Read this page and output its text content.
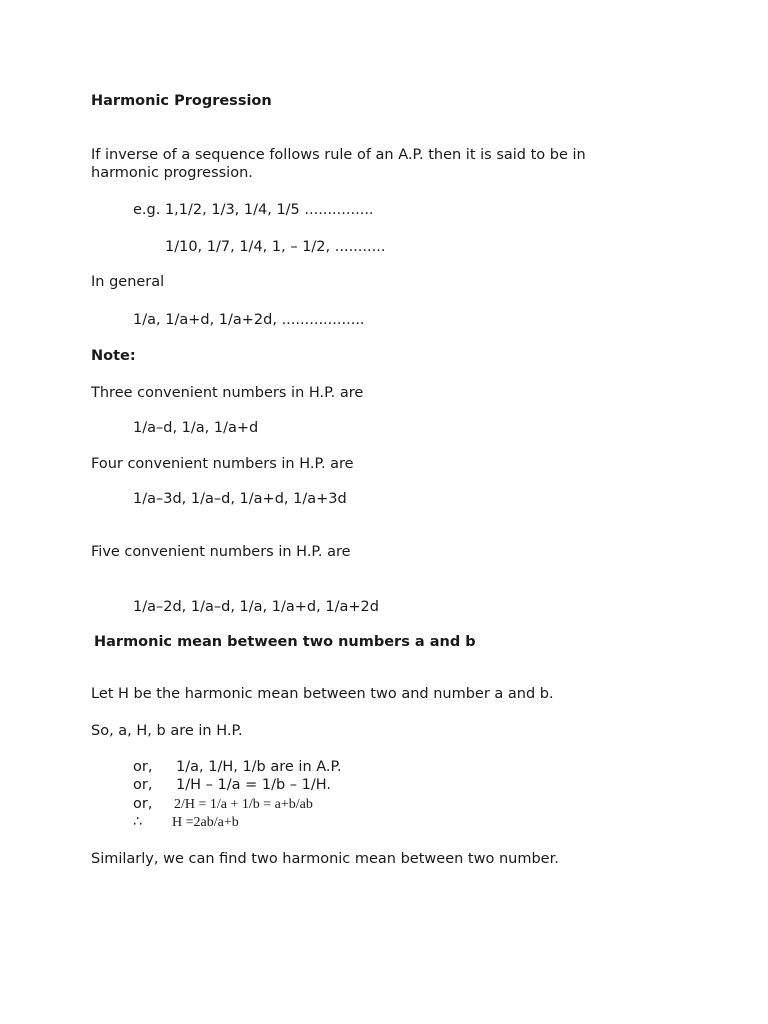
Harmonic Progression
If inverse of a sequence follows rule of an A.P. then it is said to be in
harmonic progression.
e.g. 1,1/2, 1/3, 1/4, 1/5 ...............
1/10, 1/7, 1/4, 1, – 1/2, ...........
In general
1/a, 1/a+d, 1/a+2d, ..................
Note:
Three convenient numbers in H.P. are
1/a–d, 1/a, 1/a+d
Four convenient numbers in H.P. are
1/a–3d, 1/a–d, 1/a+d, 1/a+3d
Five convenient numbers in H.P. are
1/a–2d, 1/a–d, 1/a, 1/a+d, 1/a+2d
Harmonic mean between two numbers a and b
Let H be the harmonic mean between two and number a and b.
So, a, H, b are in H.P.
or, 1/a, 1/H, 1/b are in A.P.
or, 1/H – 1/a = 1/b – 1/H.
or, 2/H = 1/a + 1/b = a+b/ab
∴ H =2ab/a+b
Similarly, we can find two harmonic mean between two number.
